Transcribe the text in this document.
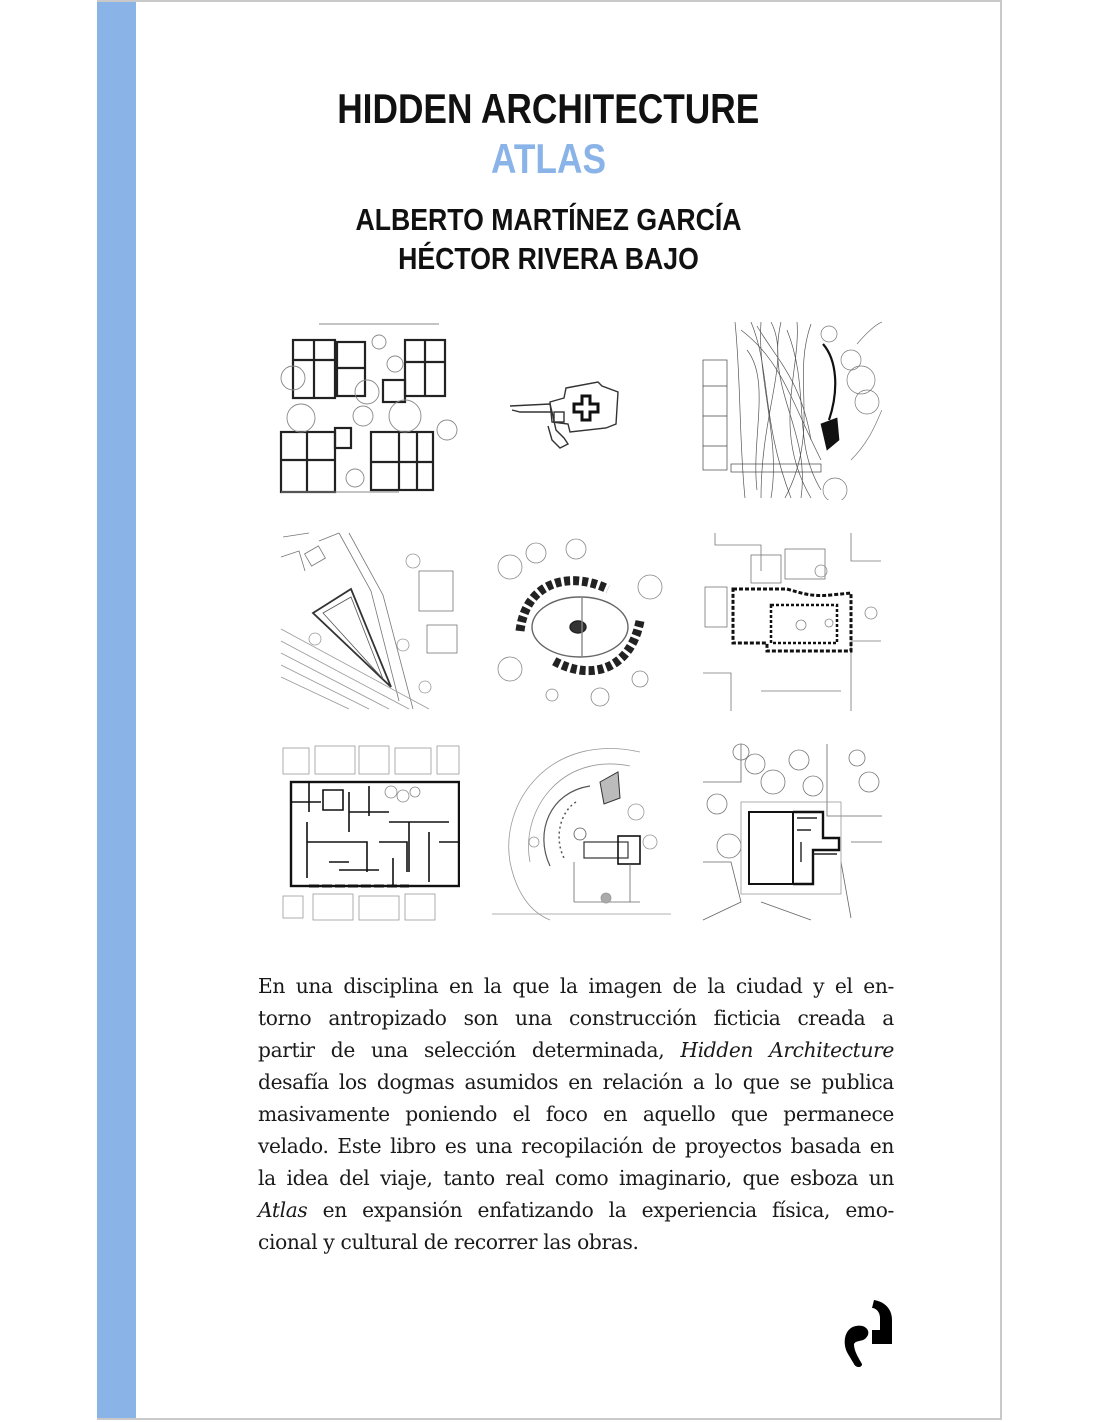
HIDDEN ARCHITECTURE
ATLAS
ALBERTO MARTÍNEZ GARCÍA
HÉCTOR RIVERA BAJO
En una disciplina en la que la imagen de la ciudad y el en-
torno antropizado son una construcción ficticia creada a
partir de una selección determinada, Hidden Architecture
desafía los dogmas asumidos en relación a lo que se publica
masivamente poniendo el foco en aquello que permanece
velado. Este libro es una recopilación de proyectos basada en
la idea del viaje, tanto real como imaginario, que esboza un
Atlas en expansión enfatizando la experiencia física, emo-
cional y cultural de recorrer las obras.
